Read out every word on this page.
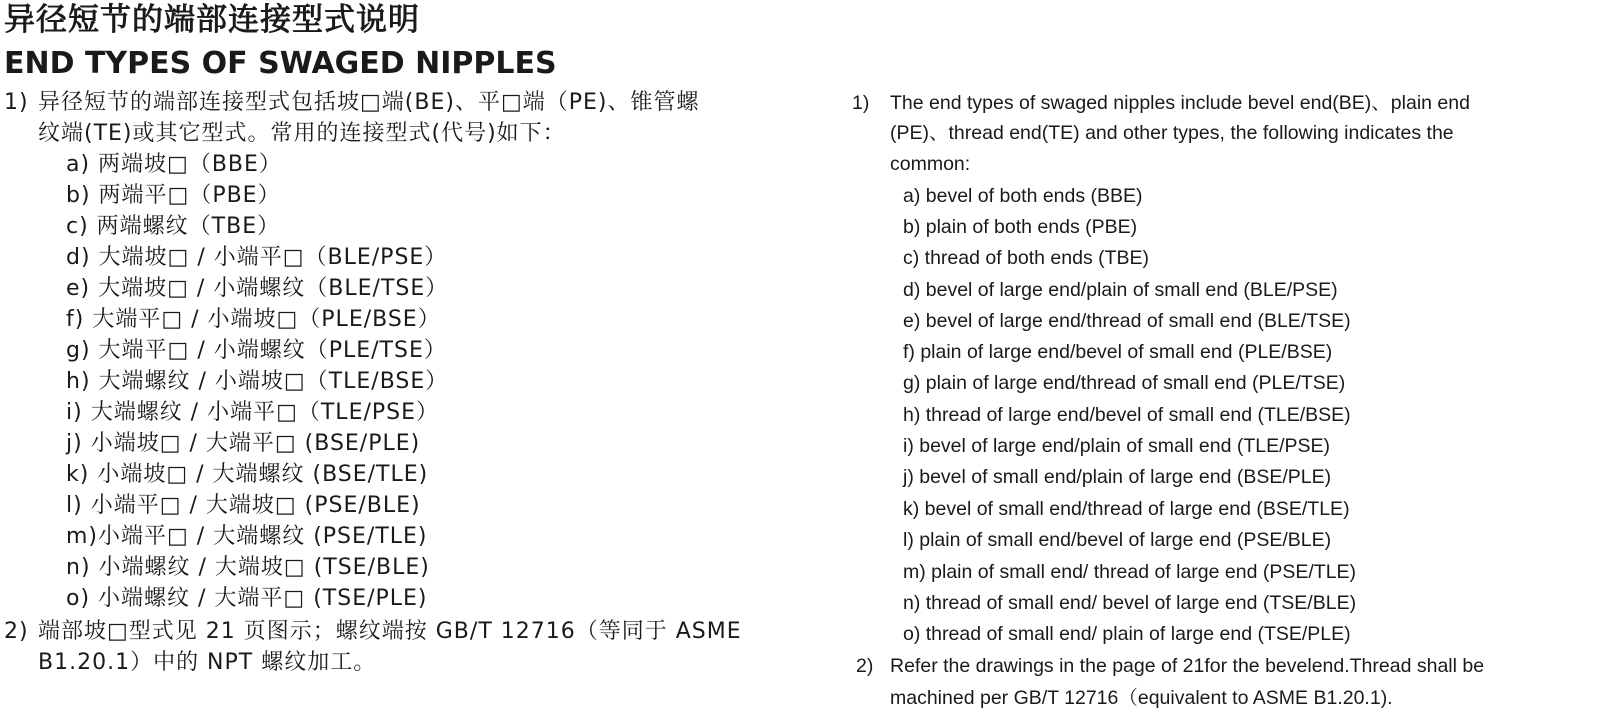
异径短节的端部连接型式说明
END TYPES OF SWAGED NIPPLES
1) 异径短节的端部连接型式包括坡□端(BE)、平□端（PE)、锥管螺
纹端(TE)或其它型式。常用的连接型式(代号)如下：
a) 两端坡□（BBE）
b) 两端平□（PBE）
c) 两端螺纹（TBE）
d) 大端坡□ / 小端平□（BLE/PSE）
e) 大端坡□ / 小端螺纹（BLE/TSE）
f) 大端平□ / 小端坡□（PLE/BSE）
g) 大端平□ / 小端螺纹（PLE/TSE）
h) 大端螺纹 / 小端坡□（TLE/BSE）
i) 大端螺纹 / 小端平□（TLE/PSE）
j) 小端坡□ / 大端平□ (BSE/PLE)
k) 小端坡□ / 大端螺纹 (BSE/TLE)
l) 小端平□ / 大端坡□ (PSE/BLE)
m)小端平□ / 大端螺纹 (PSE/TLE)
n) 小端螺纹 / 大端坡□ (TSE/BLE)
o) 小端螺纹 / 大端平□ (TSE/PLE)
2) 端部坡□型式见 21 页图示；螺纹端按 GB/T 12716（等同于 ASME
B1.20.1）中的 NPT 螺纹加工。
1) The end types of swaged nipples include bevel end(BE)、plain end
(PE)、thread end(TE) and other types, the following indicates the
common:
a) bevel of both ends (BBE)
b) plain of both ends (PBE)
c) thread of both ends (TBE)
d) bevel of large end/plain of small end (BLE/PSE)
e) bevel of large end/thread of small end (BLE/TSE)
f) plain of large end/bevel of small end (PLE/BSE)
g) plain of large end/thread of small end (PLE/TSE)
h) thread of large end/bevel of small end (TLE/BSE)
i) bevel of large end/plain of small end (TLE/PSE)
j) bevel of small end/plain of large end (BSE/PLE)
k) bevel of small end/thread of large end (BSE/TLE)
l) plain of small end/bevel of large end (PSE/BLE)
m) plain of small end/ thread of large end (PSE/TLE)
n) thread of small end/ bevel of large end (TSE/BLE)
o) thread of small end/ plain of large end (TSE/PLE)
2) Refer the drawings in the page of 21for the bevelend.Thread shall be
machined per GB/T 12716（equivalent to ASME B1.20.1).
